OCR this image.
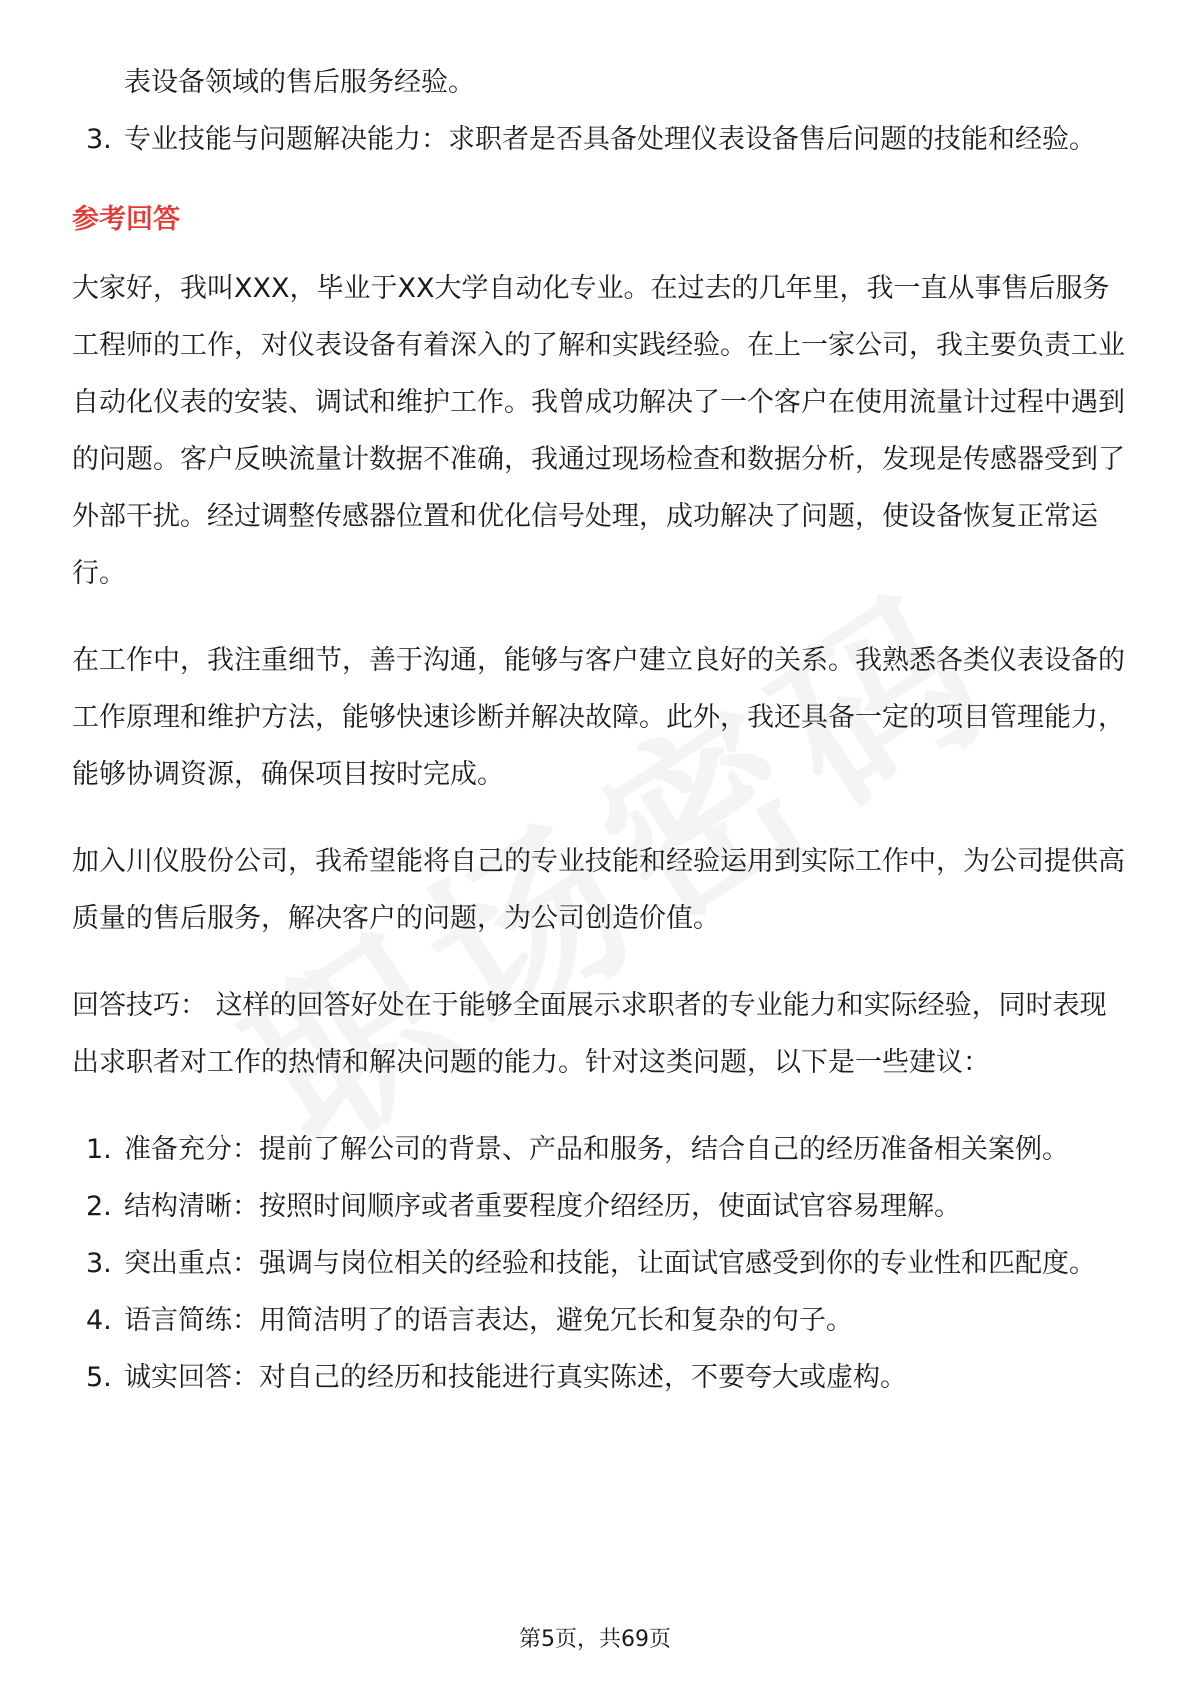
表设备领域的售后服务经验。

3. 专业技能与问题解决能力：求职者是否具备处理仪表设备售后问题的技能和经验。

参考回答

大家好，我叫XXX，毕业于XX大学自动化专业。在过去的几年里，我一直从事售后服务工程师的工作，对仪表设备有着深入的了解和实践经验。在上一家公司，我主要负责工业自动化仪表的安装、调试和维护工作。我曾成功解决了一个客户在使用流量计过程中遇到的问题。客户反映流量计数据不准确，我通过现场检查和数据分析，发现是传感器受到了外部干扰。经过调整传感器位置和优化信号处理，成功解决了问题，使设备恢复正常运行。

在工作中，我注重细节，善于沟通，能够与客户建立良好的关系。我熟悉各类仪表设备的工作原理和维护方法，能够快速诊断并解决故障。此外，我还具备一定的项目管理能力，能够协调资源，确保项目按时完成。

加入川仪股份公司，我希望能将自己的专业技能和经验运用到实际工作中，为公司提供高质量的售后服务，解决客户的问题，为公司创造价值。

回答技巧： 这样的回答好处在于能够全面展示求职者的专业能力和实际经验，同时表现出求职者对工作的热情和解决问题的能力。针对这类问题，以下是一些建议：

1. 准备充分：提前了解公司的背景、产品和服务，结合自己的经历准备相关案例。
2. 结构清晰：按照时间顺序或者重要程度介绍经历，使面试官容易理解。
3. 突出重点：强调与岗位相关的经验和技能，让面试官感受到你的专业性和匹配度。
4. 语言简练：用简洁明了的语言表达，避免冗长和复杂的句子。
5. 诚实回答：对自己的经历和技能进行真实陈述，不要夸大或虚构。
第5页，共69页
